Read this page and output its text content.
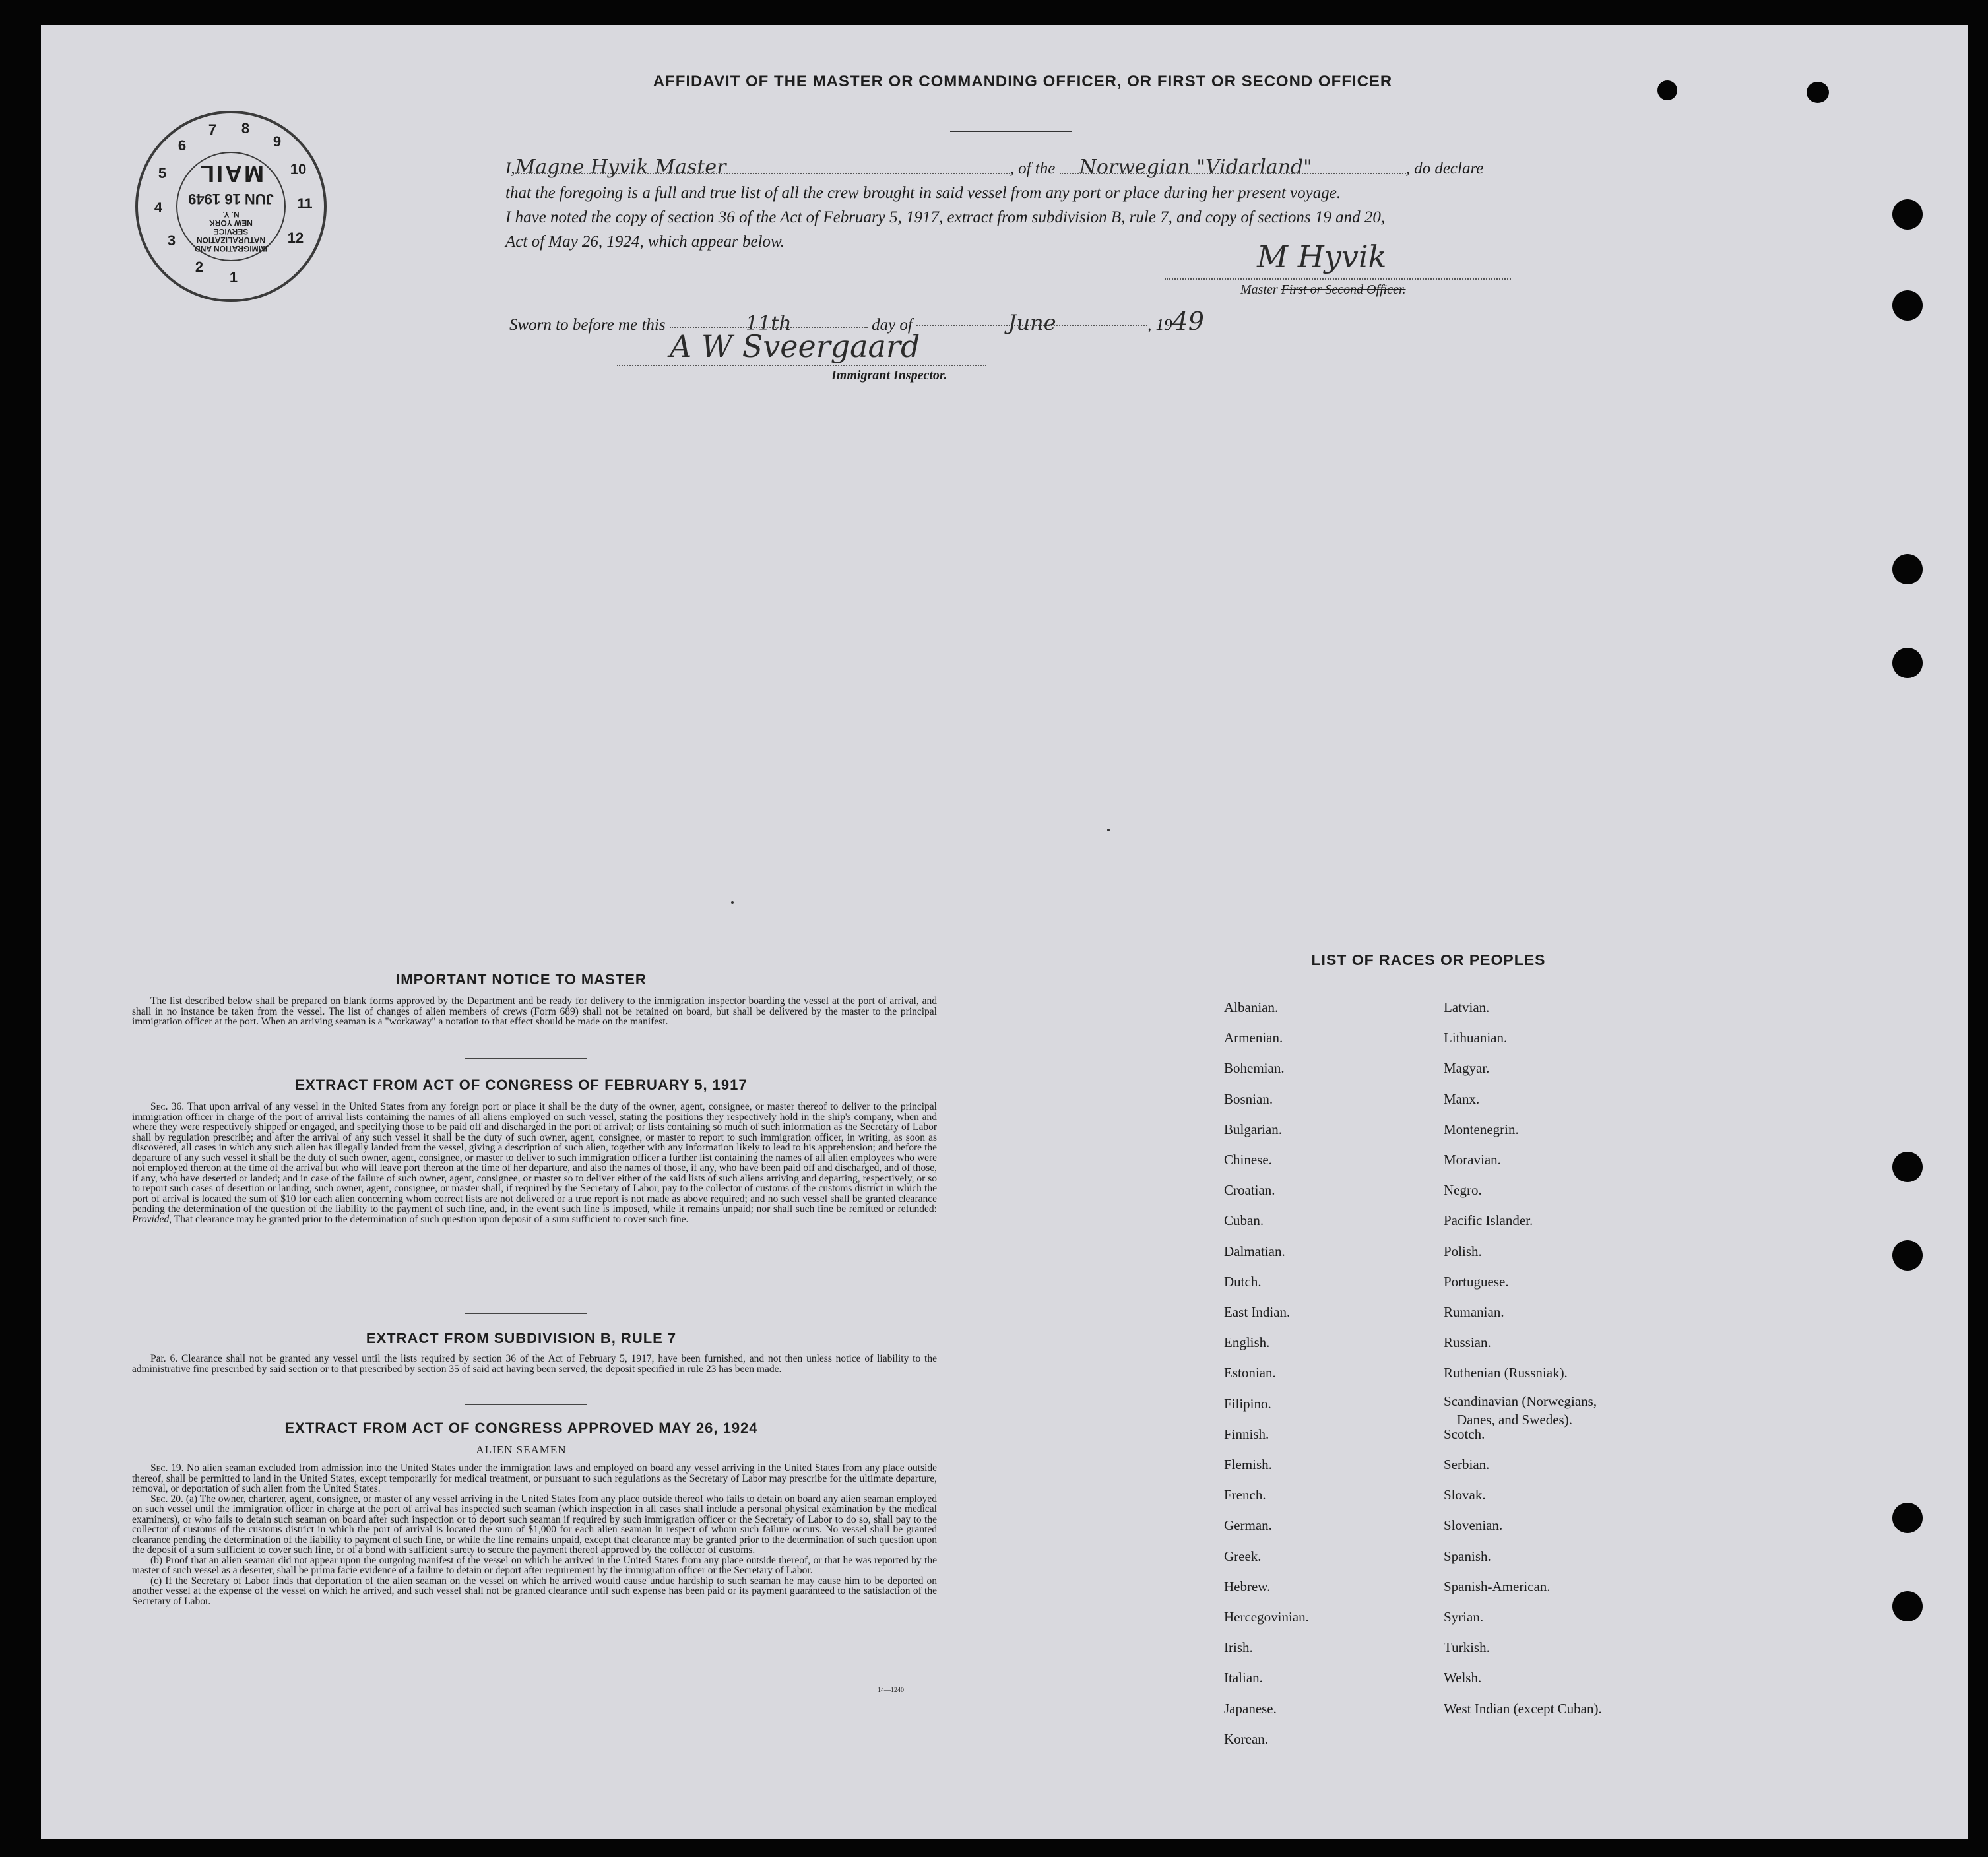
1
2
3
4
5
6
7	8
9
10
11
12
IMMIGRATION AND
NATURALIZATION
SERVICE
NEW YORK
N. Y.
JUN 16 1949
MAIL
AFFIDAVIT OF THE MASTER OR COMMANDING OFFICER, OR FIRST OR SECOND OFFICER
I,Magne Hyvik Master	, of the Norwegian "Vidarland"	, do declare
that the foregoing is a full and true list of all the crew brought in said vessel from any port or place during her present voyage.
I have noted the copy of section 36 of the Act of February 5, 1917, extract from subdivision B, rule 7, and copy of sections 19 and 20,
Act of May 26, 1924, which appear below.	M Hyvik
Master First or Second Officer.
Sworn to before me this	11th	day of	June	, 1949
A W Sveergaard
Immigrant Inspector.
IMPORTANT NOTICE TO MASTER

The list described below shall be prepared on blank forms approved by the Department and be ready for delivery to the immigration inspector boarding the vessel at the port of arrival, and shall in no instance be taken from the vessel. The list of changes of alien members of crews (Form 689) shall not be retained on board, but shall be delivered by the master to the principal immigration officer at the port. When an arriving seaman is a "workaway" a notation to that effect should be made on the manifest.

EXTRACT FROM ACT OF CONGRESS OF FEBRUARY 5, 1917

Sec. 36. That upon arrival of any vessel in the United States from any foreign port or place it shall be the duty of the owner, agent, consignee, or master thereof to deliver to the principal immigration officer in charge of the port of arrival lists containing the names of all aliens employed on such vessel, stating the positions they respectively hold in the ship's company, when and where they were respectively shipped or engaged, and specifying those to be paid off and discharged in the port of arrival; or lists containing so much of such information as the Secretary of Labor shall by regulation prescribe; and after the arrival of any such vessel it shall be the duty of such owner, agent, consignee, or master to report to such immigration officer, in writing, as soon as discovered, all cases in which any such alien has illegally landed from the vessel, giving a description of such alien, together with any information likely to lead to his apprehension; and before the departure of any such vessel it shall be the duty of such owner, agent, consignee, or master to deliver to such immigration officer a further list containing the names of all alien employees who were not employed thereon at the time of the arrival but who will leave port thereon at the time of her departure, and also the names of those, if any, who have been paid off and discharged, and of those, if any, who have deserted or landed; and in case of the failure of such owner, agent, consignee, or master so to deliver either of the said lists of such aliens arriving and departing, respectively, or so to report such cases of desertion or landing, such owner, agent, consignee, or master shall, if required by the Secretary of Labor, pay to the collector of customs of the customs district in which the port of arrival is located the sum of $10 for each alien concerning whom correct lists are not delivered or a true report is not made as above required; and no such vessel shall be granted clearance pending the determination of the question of the liability to the payment of such fine, and, in the event such fine is imposed, while it remains unpaid; nor shall such fine be remitted or refunded: Provided, That clearance may be granted prior to the determination of such question upon deposit of a sum sufficient to cover such fine.

EXTRACT FROM SUBDIVISION B, RULE 7

Par. 6. Clearance shall not be granted any vessel until the lists required by section 36 of the Act of February 5, 1917, have been furnished, and not then unless notice of liability to the administrative fine prescribed by said section or to that prescribed by section 35 of said act having been served, the deposit specified in rule 23 has been made.

EXTRACT FROM ACT OF CONGRESS APPROVED MAY 26, 1924
ALIEN SEAMEN

Sec. 19. No alien seaman excluded from admission into the United States under the immigration laws and employed on board any vessel arriving in the United States from any place outside thereof, shall be permitted to land in the United States, except temporarily for medical treatment, or pursuant to such regulations as the Secretary of Labor may prescribe for the ultimate departure, removal, or deportation of such alien from the United States.

Sec. 20. (a) The owner, charterer, agent, consignee, or master of any vessel arriving in the United States from any place outside thereof who fails to detain on board any alien seaman employed on such vessel until the immigration officer in charge at the port of arrival has inspected such seaman (which inspection in all cases shall include a personal physical examination by the medical examiners), or who fails to detain such seaman on board after such inspection or to deport such seaman if required by such immigration officer or the Secretary of Labor to do so, shall pay to the collector of customs of the customs district in which the port of arrival is located the sum of $1,000 for each alien seaman in respect of whom such failure occurs. No vessel shall be granted clearance pending the determination of the liability to payment of such fine, or while the fine remains unpaid, except that clearance may be granted prior to the determination of such question upon the deposit of a sum sufficient to cover such fine, or of a bond with sufficient surety to secure the payment thereof approved by the collector of customs.

(b) Proof that an alien seaman did not appear upon the outgoing manifest of the vessel on which he arrived in the United States from any place outside thereof, or that he was reported by the master of such vessel as a deserter, shall be prima facie evidence of a failure to detain or deport after requirement by the immigration officer or the Secretary of Labor.

(c) If the Secretary of Labor finds that deportation of the alien seaman on the vessel on which he arrived would cause undue hardship to such seaman he may cause him to be deported on another vessel at the expense of the vessel on which he arrived, and such vessel shall not be granted clearance until such expense has been paid or its payment guaranteed to the satisfaction of the Secretary of Labor.

14—1240
LIST OF RACES OR PEOPLES
Albanian.
Armenian.
Bohemian.
Bosnian.
Bulgarian.
Chinese.
Croatian.
Cuban.
Dalmatian.
Dutch.
East Indian.
English.
Estonian.
Filipino.
Finnish.
Flemish.
French.
German.
Greek.
Hebrew.
Hercegovinian.
Irish.
Italian.
Japanese.
Korean.
Latvian.
Lithuanian.
Magyar.
Manx.
Montenegrin.
Moravian.
Negro.
Pacific Islander.
Polish.
Portuguese.
Rumanian.
Russian.
Ruthenian (Russniak).
Scandinavian (Norwegians,
Danes, and Swedes).
Scotch.
Serbian.
Slovak.
Slovenian.
Spanish.
Spanish-American.
Syrian.
Turkish.
Welsh.
West Indian (except Cuban).
